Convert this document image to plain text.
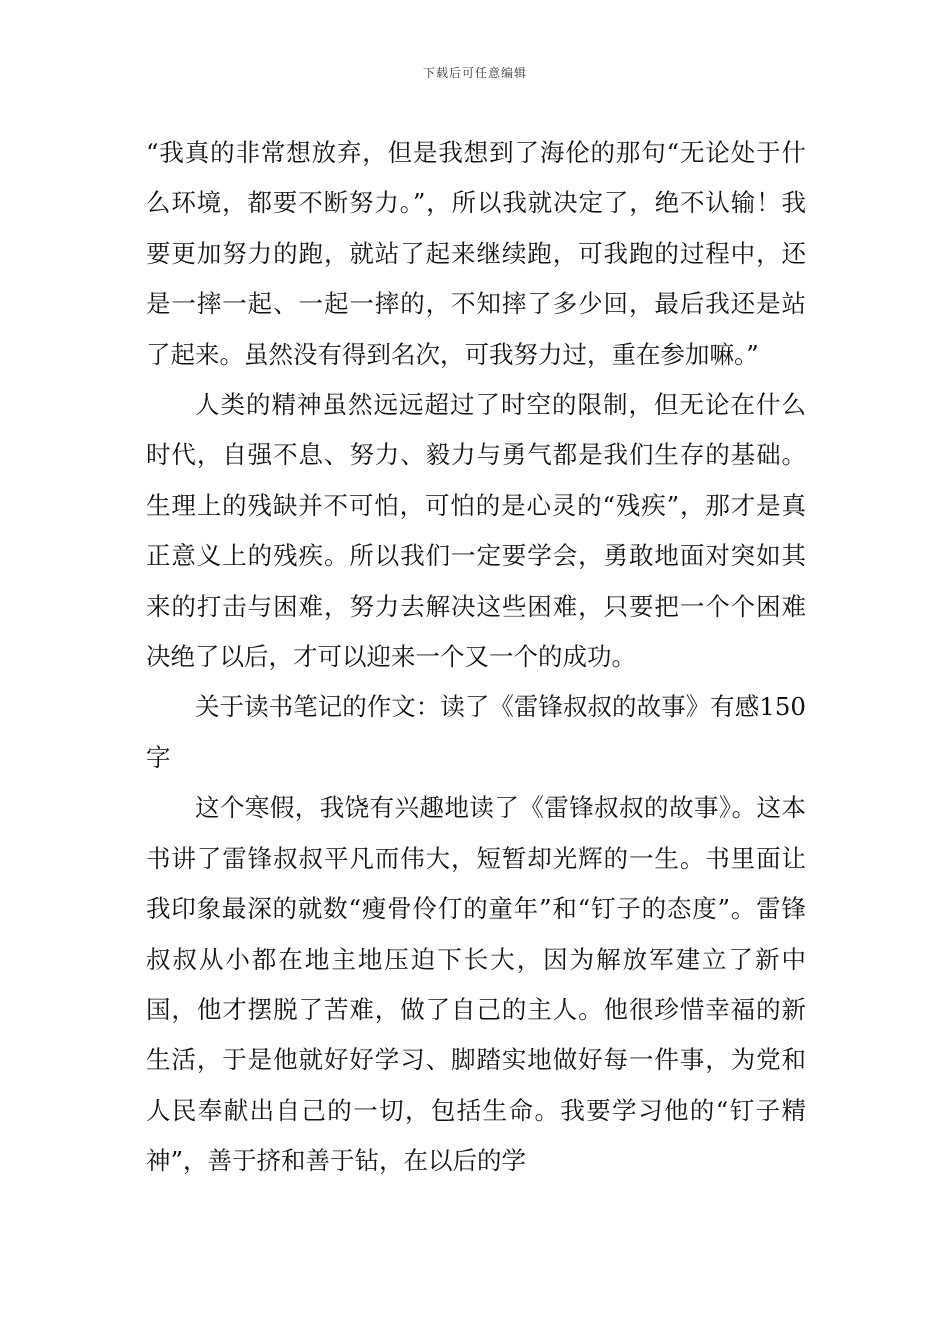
下载后可任意编辑

“我真的非常想放弃，但是我想到了海伦的那句“无论处于什么环境，都要不断努力。”，所以我就决定了，绝不认输！我要更加努力的跑，就站了起来继续跑，可我跑的过程中，还是一摔一起、一起一摔的，不知摔了多少回，最后我还是站了起来。虽然没有得到名次，可我努力过，重在参加嘛。”

人类的精神虽然远远超过了时空的限制，但无论在什么时代，自强不息、努力、毅力与勇气都是我们生存的基础。生理上的残缺并不可怕，可怕的是心灵的“残疾”，那才是真正意义上的残疾。所以我们一定要学会，勇敢地面对突如其来的打击与困难，努力去解决这些困难，只要把一个个困难决绝了以后，才可以迎来一个又一个的成功。

关于读书笔记的作文：读了《雷锋叔叔的故事》有感150字

这个寒假，我饶有兴趣地读了《雷锋叔叔的故事》。这本书讲了雷锋叔叔平凡而伟大，短暂却光辉的一生。书里面让我印象最深的就数“瘦骨伶仃的童年”和“钉子的态度”。雷锋叔叔从小都在地主地压迫下长大，因为解放军建立了新中国，他才摆脱了苦难，做了自己的主人。他很珍惜幸福的新生活，于是他就好好学习、脚踏实地做好每一件事，为党和人民奉献出自己的一切，包括生命。我要学习他的“钉子精神”，善于挤和善于钻，在以后的学
